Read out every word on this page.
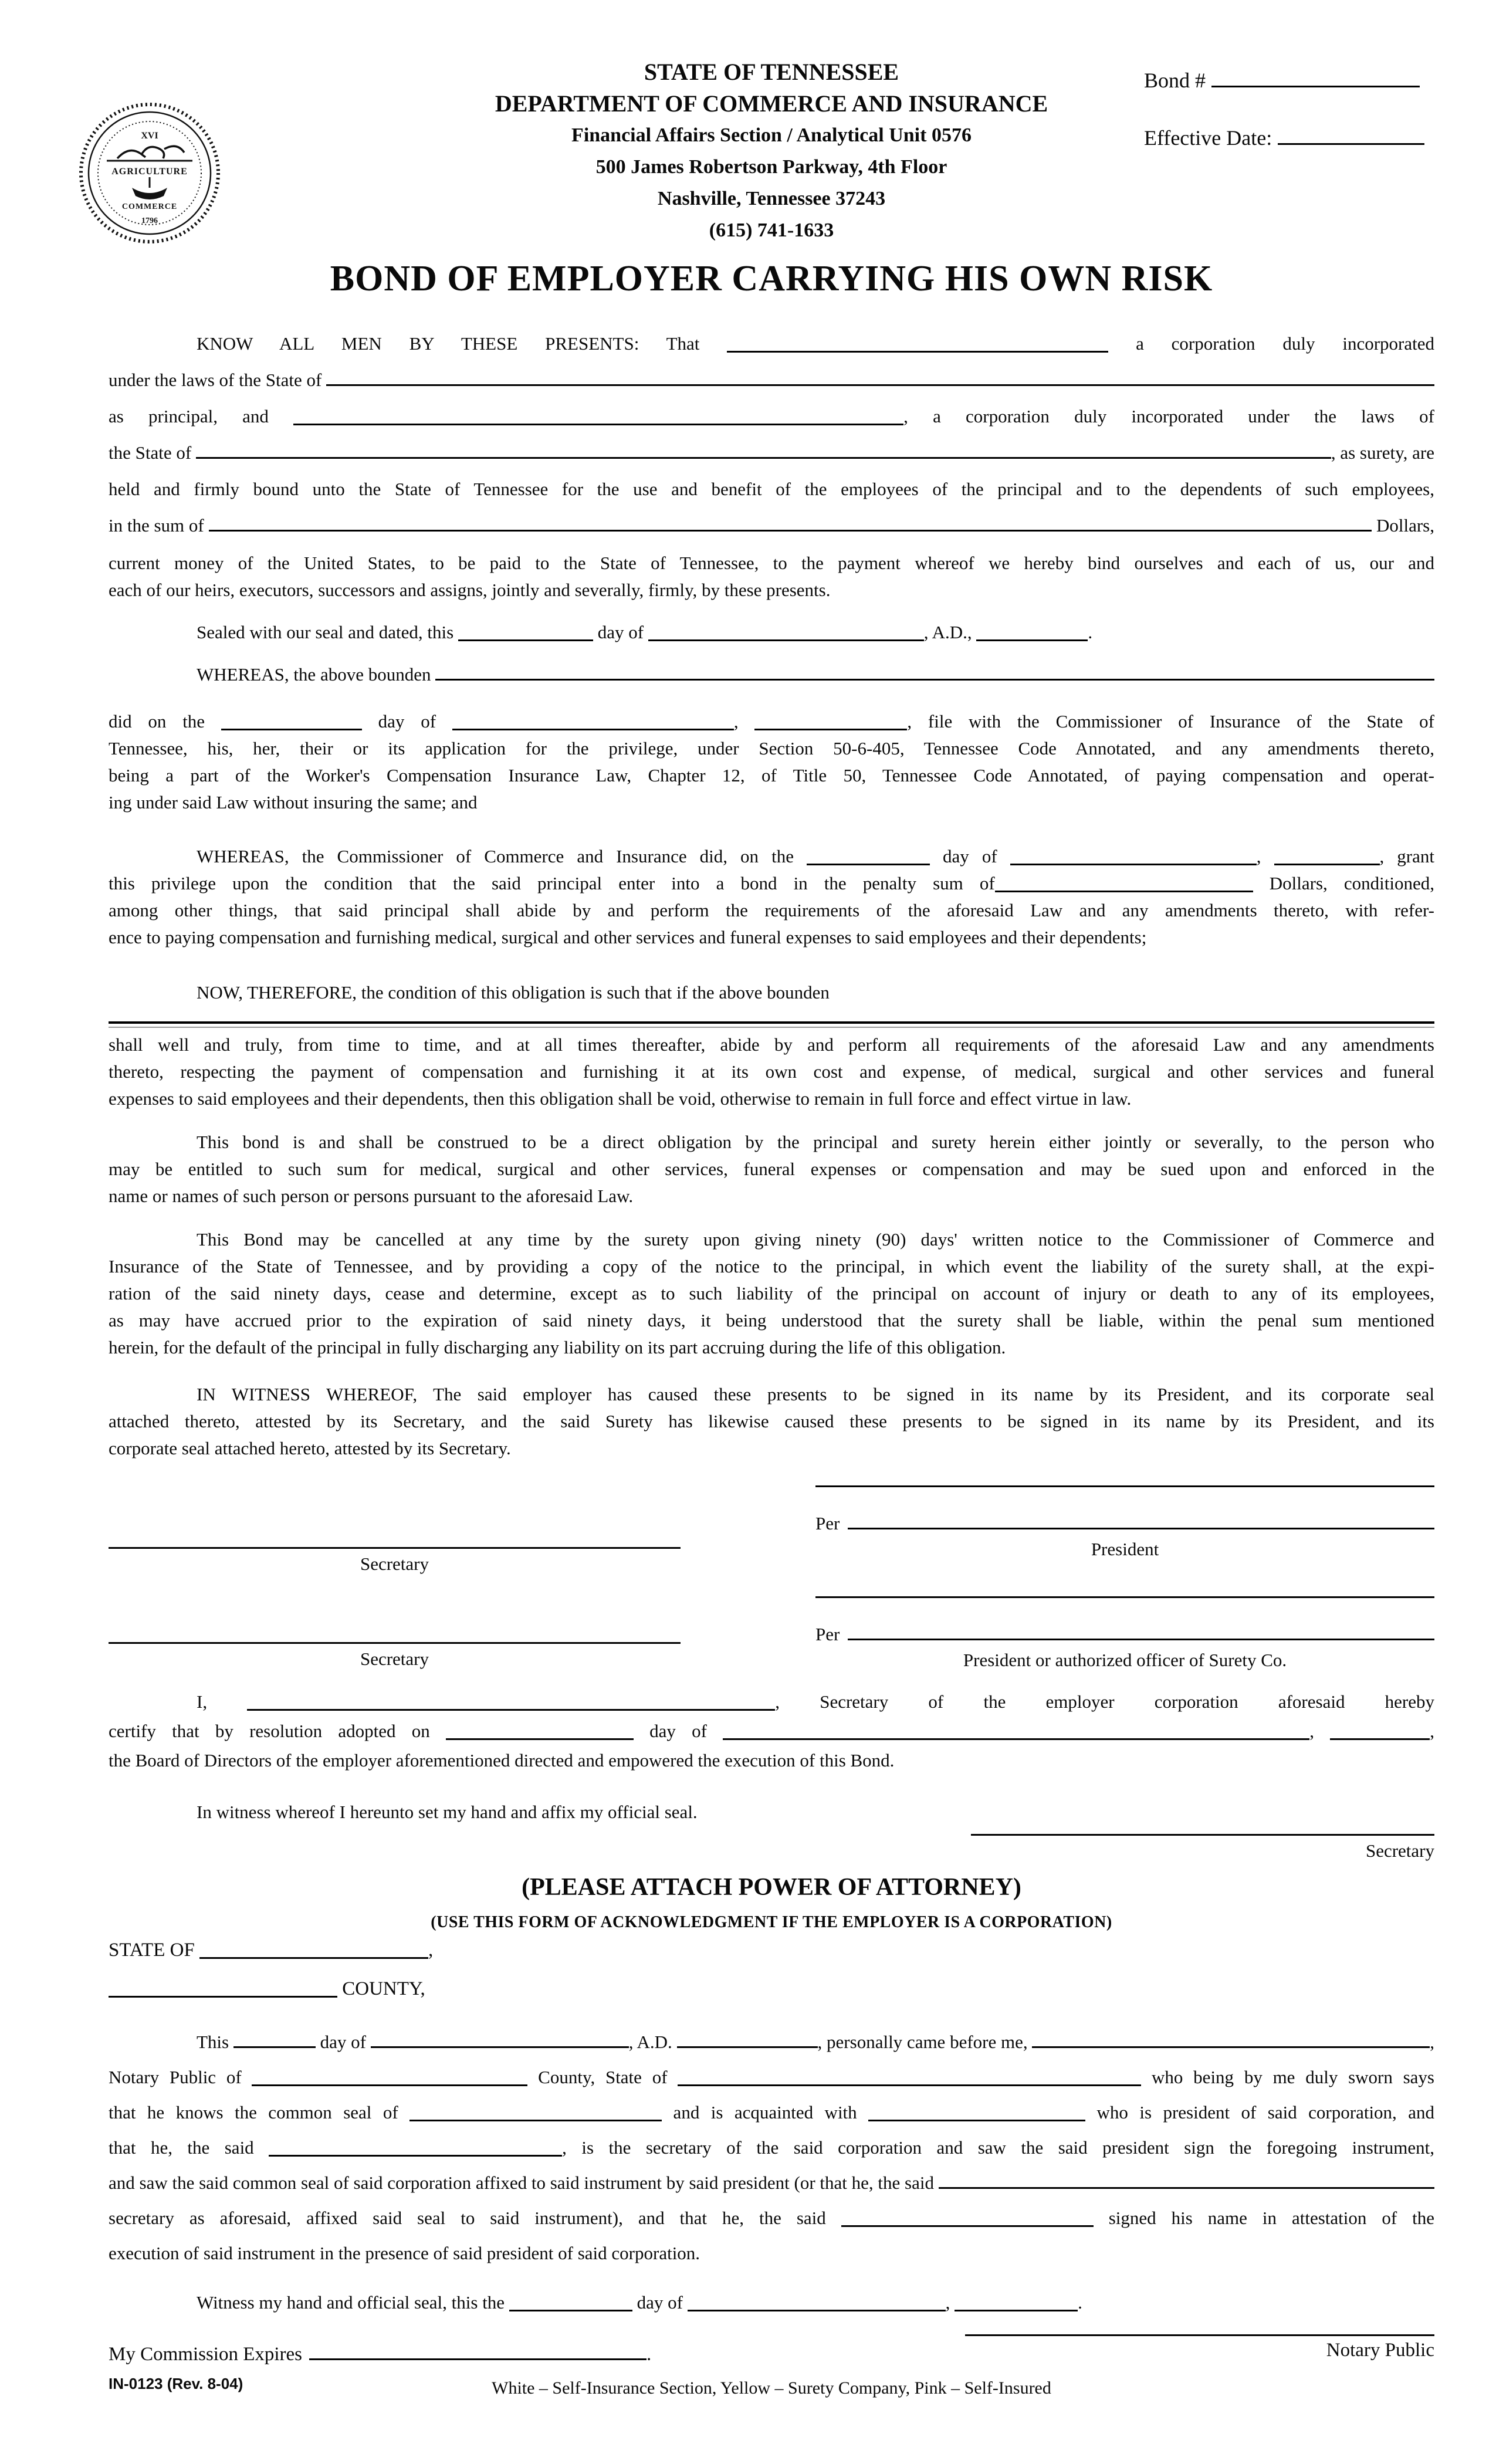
XVI
AGRICULTURE
COMMERCE
1796
STATE OF TENNESSEE
DEPARTMENT OF COMMERCE AND INSURANCE
Financial Affairs Section / Analytical Unit 0576
500 James Robertson Parkway, 4th Floor
Nashville, Tennessee 37243
(615) 741-1633
Bond #
Effective Date:
BOND OF EMPLOYER CARRYING HIS OWN RISK
KNOW ALL MEN BY THESE PRESENTS: That	a corporation duly incorporated
under the laws of the State of
as principal, and	, a corporation duly incorporated under the laws of
the State of	, as surety, are
held and firmly bound unto the State of Tennessee for the use and benefit of the employees of the principal and to the dependents of such employees,
in the sum of	Dollars,
current money of the United States, to be paid to the State of Tennessee, to the payment whereof we hereby bind ourselves and each of us, our and
each of our heirs, executors, successors and assigns, jointly and severally, firmly, by these presents.
Sealed with our seal and dated, this	day of	, A.D.,	.
WHEREAS, the above bounden
did on the	day of	,	, file with the Commissioner of Insurance of the State of
Tennessee, his, her, their or its application for the privilege, under Section 50-6-405, Tennessee Code Annotated, and any amendments thereto,
being a part of the Worker's Compensation Insurance Law, Chapter 12, of Title 50, Tennessee Code Annotated, of paying compensation and operat-
ing under said Law without insuring the same; and
WHEREAS, the Commissioner of Commerce and Insurance did, on the	day of	,	, grant
this privilege upon the condition that the said principal enter into a bond in the penalty sum of	Dollars, conditioned,
among other things, that said principal shall abide by and perform the requirements of the aforesaid Law and any amendments thereto, with refer-
ence to paying compensation and furnishing medical, surgical and other services and funeral expenses to said employees and their dependents;
NOW, THEREFORE, the condition of this obligation is such that if the above bounden
shall well and truly, from time to time, and at all times thereafter, abide by and perform all requirements of the aforesaid Law and any amendments
thereto, respecting the payment of compensation and furnishing it at its own cost and expense, of medical, surgical and other services and funeral
expenses to said employees and their dependents, then this obligation shall be void, otherwise to remain in full force and effect virtue in law.
This bond is and shall be construed to be a direct obligation by the principal and surety herein either jointly or severally, to the person who
may be entitled to such sum for medical, surgical and other services, funeral expenses or compensation and may be sued upon and enforced in the
name or names of such person or persons pursuant to the aforesaid Law.
This Bond may be cancelled at any time by the surety upon giving ninety (90) days' written notice to the Commissioner of Commerce and
Insurance of the State of Tennessee, and by providing a copy of the notice to the principal, in which event the liability of the surety shall, at the expi-
ration of the said ninety days, cease and determine, except as to such liability of the principal on account of injury or death to any of its employees,
as may have accrued prior to the expiration of said ninety days, it being understood that the surety shall be liable, within the penal sum mentioned
herein, for the default of the principal in fully discharging any liability on its part accruing during the life of this obligation.
IN WITNESS WHEREOF, The said employer has caused these presents to be signed in its name by its President, and its corporate seal
attached thereto, attested by its Secretary, and the said Surety has likewise caused these presents to be signed in its name by its President, and its
corporate seal attached hereto, attested by its Secretary.
Secretary
Secretary
Per
President
Per
President or authorized officer of Surety Co.
I,	, Secretary of the employer corporation aforesaid hereby
certify that by resolution adopted on	day of	,	,
the Board of Directors of the employer aforementioned directed and empowered the execution of this Bond.
In witness whereof I hereunto set my hand and affix my official seal.
Secretary
(PLEASE ATTACH POWER OF ATTORNEY)
(USE THIS FORM OF ACKNOWLEDGMENT IF THE EMPLOYER IS A CORPORATION)
STATE OF	,
COUNTY,
This	day of	, A.D.	, personally came before me,	,
Notary Public of	County, State of	who being by me duly sworn says
that he knows the common seal of	and is acquainted with	who is president of said corporation, and
that he, the said	, is the secretary of the said corporation and saw the said president sign the foregoing instrument,
and saw the said common seal of said corporation affixed to said instrument by said president (or that he, the said
secretary as aforesaid, affixed said seal to said instrument), and that he, the said	signed his name in attestation of the
execution of said instrument in the presence of said president of said corporation.
Witness my hand and official seal, this the	day of	,	.
My Commission Expires	.	Notary Public
IN-0123 (Rev. 8-04)	White – Self-Insurance Section, Yellow – Surety Company, Pink – Self-Insured
